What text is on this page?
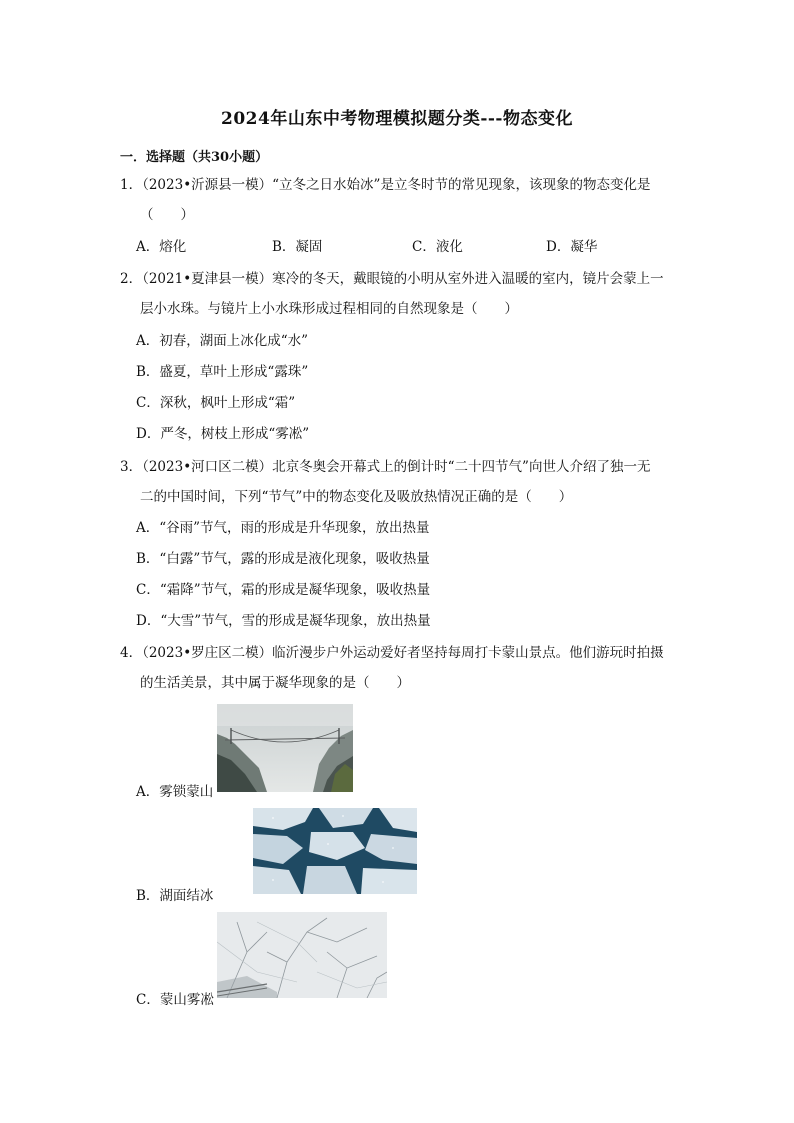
2024年山东中考物理模拟题分类---物态变化
一．选择题（共30小题）
1．（2023•沂源县一模）“立冬之日水始冰”是立冬时节的常见现象，该现象的物态变化是
（　　）
A．熔化	B．凝固	C．液化	D．凝华
2．（2021•夏津县一模）寒冷的冬天，戴眼镜的小明从室外进入温暖的室内，镜片会蒙上一
层小水珠。与镜片上小水珠形成过程相同的自然现象是（　　）
A．初春，湖面上冰化成“水”
B．盛夏，草叶上形成“露珠”
C．深秋，枫叶上形成“霜”
D．严冬，树枝上形成“雾凇”
3．（2023•河口区二模）北京冬奥会开幕式上的倒计时“二十四节气”向世人介绍了独一无
二的中国时间，下列“节气”中的物态变化及吸放热情况正确的是（　　）
A．“谷雨”节气，雨的形成是升华现象，放出热量
B．“白露”节气，露的形成是液化现象，吸收热量
C．“霜降”节气，霜的形成是凝华现象，吸收热量
D．“大雪”节气，雪的形成是凝华现象，放出热量
4．（2023•罗庄区二模）临沂漫步户外运动爱好者坚持每周打卡蒙山景点。他们游玩时拍摄
的生活美景，其中属于凝华现象的是（　　）
A．雾锁蒙山
B．湖面结冰
C．蒙山雾凇
